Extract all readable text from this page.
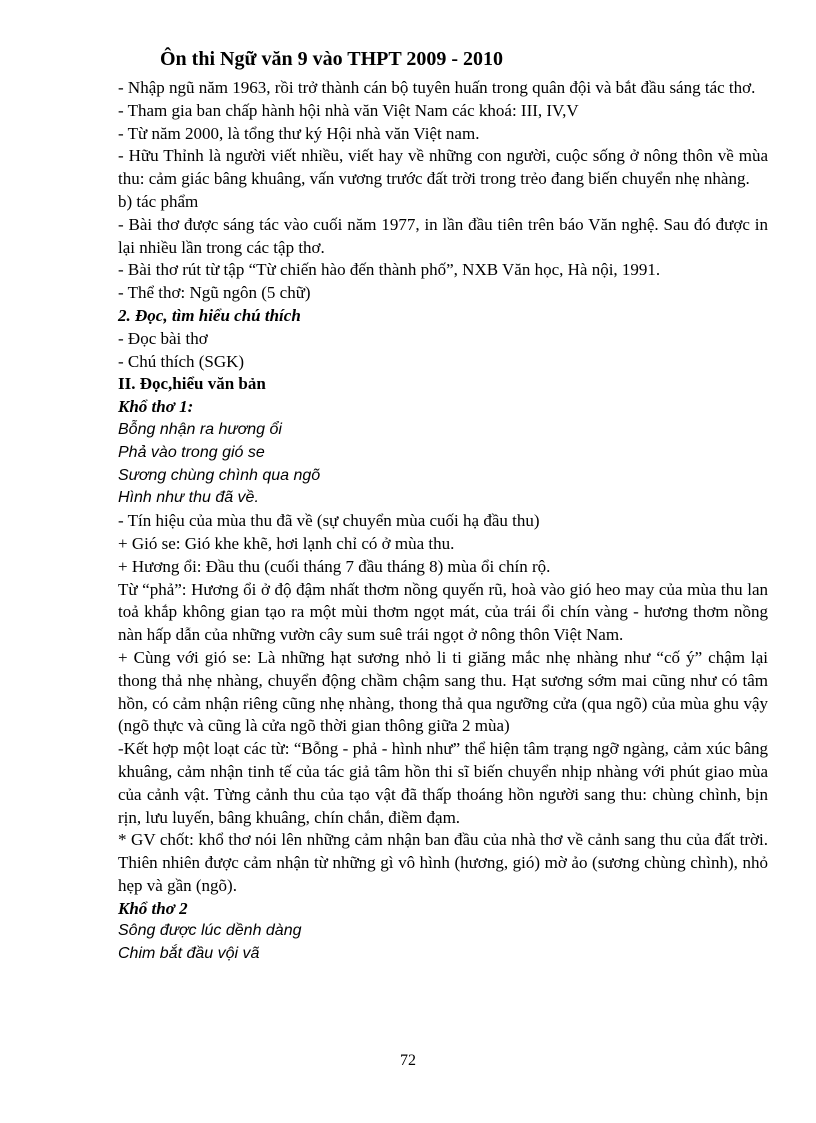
Ôn thi Ngữ văn 9 vào THPT 2009 - 2010

- Nhập ngũ năm 1963, rồi trở thành cán bộ tuyên huấn trong quân đội và bắt đầu sáng tác thơ.

- Tham gia ban chấp hành hội nhà văn Việt Nam các khoá: III, IV,V

- Từ năm 2000, là tổng thư ký Hội nhà văn Việt nam.

- Hữu Thỉnh là người viết nhiều, viết hay về những con người, cuộc sống ở nông thôn về mùa thu: cảm giác bâng khuâng, vấn vương trước đất trời trong trẻo đang biến chuyển nhẹ nhàng.

b) tác phẩm

- Bài thơ được sáng tác vào cuối năm 1977, in lần đầu tiên trên báo Văn nghệ. Sau đó được in lại nhiều lần trong các tập thơ.

- Bài thơ rút từ tập “Từ chiến hào đến thành phố”, NXB Văn học, Hà nội, 1991.

- Thể thơ: Ngũ ngôn (5 chữ)

2. Đọc, tìm hiểu chú thích

- Đọc bài thơ

- Chú thích (SGK)

II. Đọc,hiểu văn bản

Khổ thơ 1:

Bỗng nhận ra hương ổi

Phả vào trong gió se

Sương chùng chình qua ngõ

Hình như thu đã về.

- Tín hiệu của mùa thu đã về (sự chuyển mùa cuối hạ đầu thu)

+ Gió se: Gió khe khẽ, hơi lạnh chỉ có ở mùa thu.

+ Hương ổi: Đầu thu (cuối tháng 7 đầu tháng 8) mùa ổi chín rộ.

Từ “phả”: Hương ổi ở độ đậm nhất thơm nồng quyến rũ, hoà vào gió heo may của mùa thu lan toả khắp không gian tạo ra một mùi thơm ngọt mát, của trái ổi chín vàng - hương thơm nồng nàn hấp dẫn của những vườn cây sum suê trái ngọt ở nông thôn Việt Nam.

+ Cùng với gió se: Là những hạt sương nhỏ li ti giăng mắc nhẹ nhàng như “cố ý” chậm lại thong thả nhẹ nhàng, chuyển động chầm chậm sang thu. Hạt sương sớm mai cũng như có tâm hồn, có cảm nhận riêng cũng nhẹ nhàng, thong thả qua ngưỡng cửa (qua ngõ) của mùa ghu vậy (ngõ thực và cũng là cửa ngõ thời gian thông giữa 2 mùa)

-Kết hợp một loạt các từ: “Bỗng - phả - hình như” thể hiện tâm trạng ngỡ ngàng, cảm xúc bâng khuâng, cảm nhận tinh tế của tác giả tâm hồn thi sĩ biến chuyển nhịp nhàng với phút giao mùa của cảnh vật. Từng cảnh thu của tạo vật đã thấp thoáng hồn người sang thu: chùng chình, bịn rịn, lưu luyến, bâng khuâng, chín chắn, điềm đạm.

* GV chốt: khổ thơ nói lên những cảm nhận ban đầu của nhà thơ về cảnh sang thu của đất trời. Thiên nhiên được cảm nhận từ những gì vô hình (hương, gió) mờ ảo (sương chùng chình), nhỏ hẹp và gần (ngõ).

Khổ thơ 2

Sông được lúc dềnh dàng

Chim bắt đầu vội vã

72
